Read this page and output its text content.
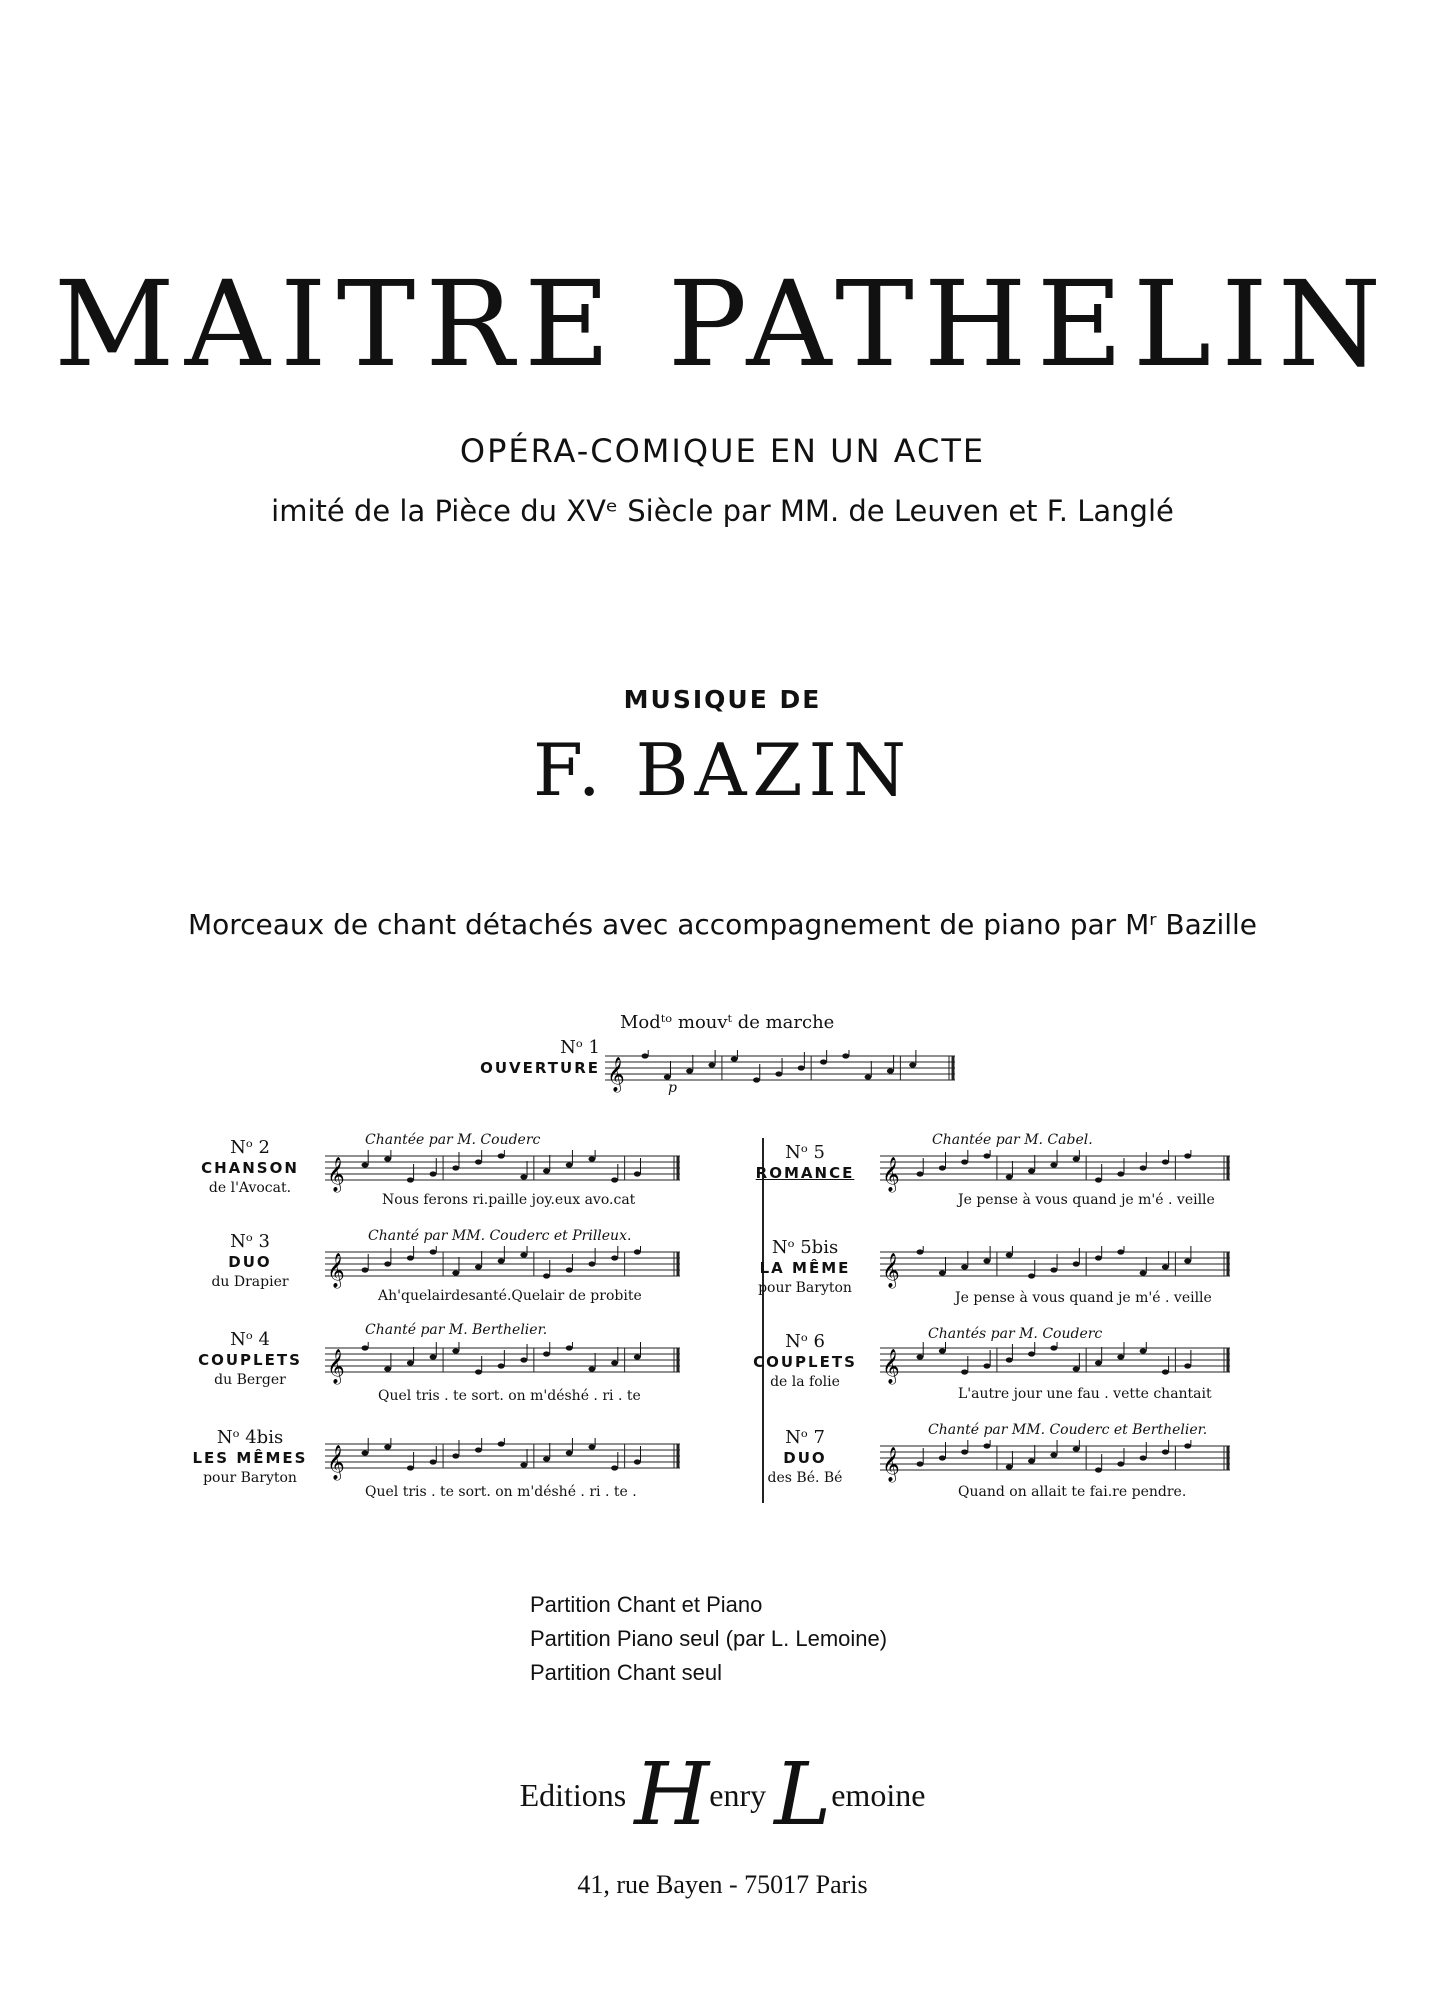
MAITRE PATHELIN
OPÉRA-COMIQUE EN UN ACTE
imité de la Pièce du XVᵉ Siècle par MM. de Leuven et F. Langlé
MUSIQUE DE
F. BAZIN
Morceaux de chant détachés avec accompagnement de piano par Mʳ Bazille
Modᵗᵒ mouvᵗ de marche
Nᵒ 1
OUVERTURE 𝄞	p
Nᵒ 2
CHANSON
de l'Avocat.
Chantée par M. Couderc
𝄞
Nous ferons ri.paille joy.eux avo.cat
Nᵒ 3
DUO
du Drapier
Chanté par MM. Couderc et Prilleux.
𝄞
Ah'quelairdesanté.Quelair de probite
Nᵒ 4
COUPLETS
du Berger
Chanté par M. Berthelier.
𝄞
Quel tris . te sort. on m'déshé . ri . te
Nᵒ 4bis
LES MÊMES
pour Baryton	𝄞
Quel tris . te sort. on m'déshé . ri . te .
Nᵒ 5
ROMANCE
Chantée par M. Cabel.
𝄞
Je pense à vous quand je m'é . veille
Nᵒ 5bis
LA MÊME
pour Baryton	𝄞
Je pense à vous quand je m'é . veille
Nᵒ 6
COUPLETS
de la folie
Chantés par M. Couderc
𝄞
L'autre jour une fau . vette chantait
Nᵒ 7
DUO
des Bé. Bé
Chanté par MM. Couderc et Berthelier.
𝄞
Quand on allait te fai.re pendre.
Partition Chant et Piano
Partition Piano seul (par L. Lemoine)
Partition Chant seul
Editions Henry Lemoine
41, rue Bayen - 75017 Paris
